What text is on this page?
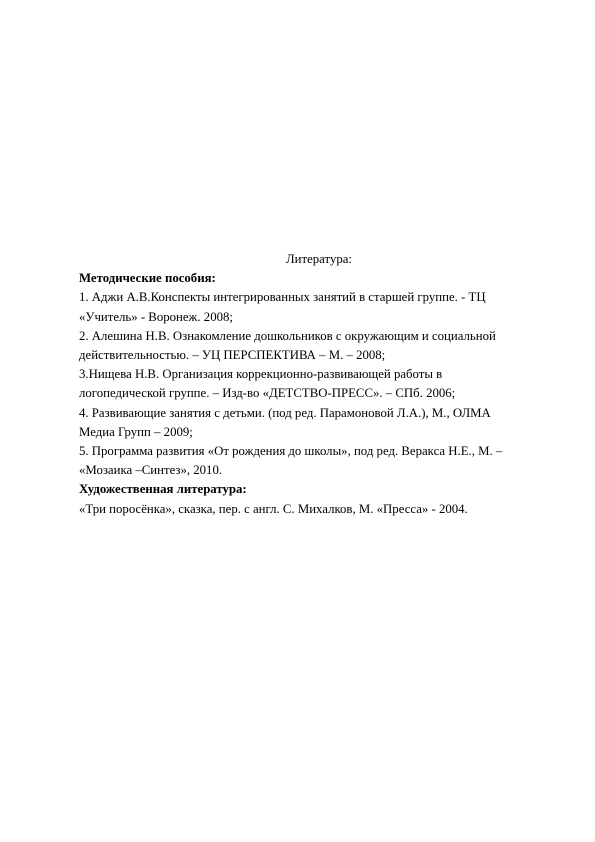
Литература:

Методические пособия:

1. Аджи А.В.Конспекты интегрированных занятий в старшей группе. - ТЦ

«Учитель» - Воронеж. 2008;

2. Алешина Н.В. Ознакомление дошкольников с окружающим и социальной

действительностью. – УЦ ПЕРСПЕКТИВА – М. – 2008;

3.Нищева Н.В. Организация коррекционно-развивающей работы в

логопедической группе. – Изд-во «ДЕТСТВО-ПРЕСС». – СПб. 2006;

4. Развивающие занятия с детьми. (под ред. Парамоновой Л.А.), М., ОЛМА

Медиа Групп – 2009;

5. Программа развития «От рождения до школы», под ред. Веракса Н.Е., М. –

«Мозаика –Синтез», 2010.

Художественная литература:

«Три поросёнка», сказка, пер. с англ. С. Михалков, М. «Пресса» - 2004.
